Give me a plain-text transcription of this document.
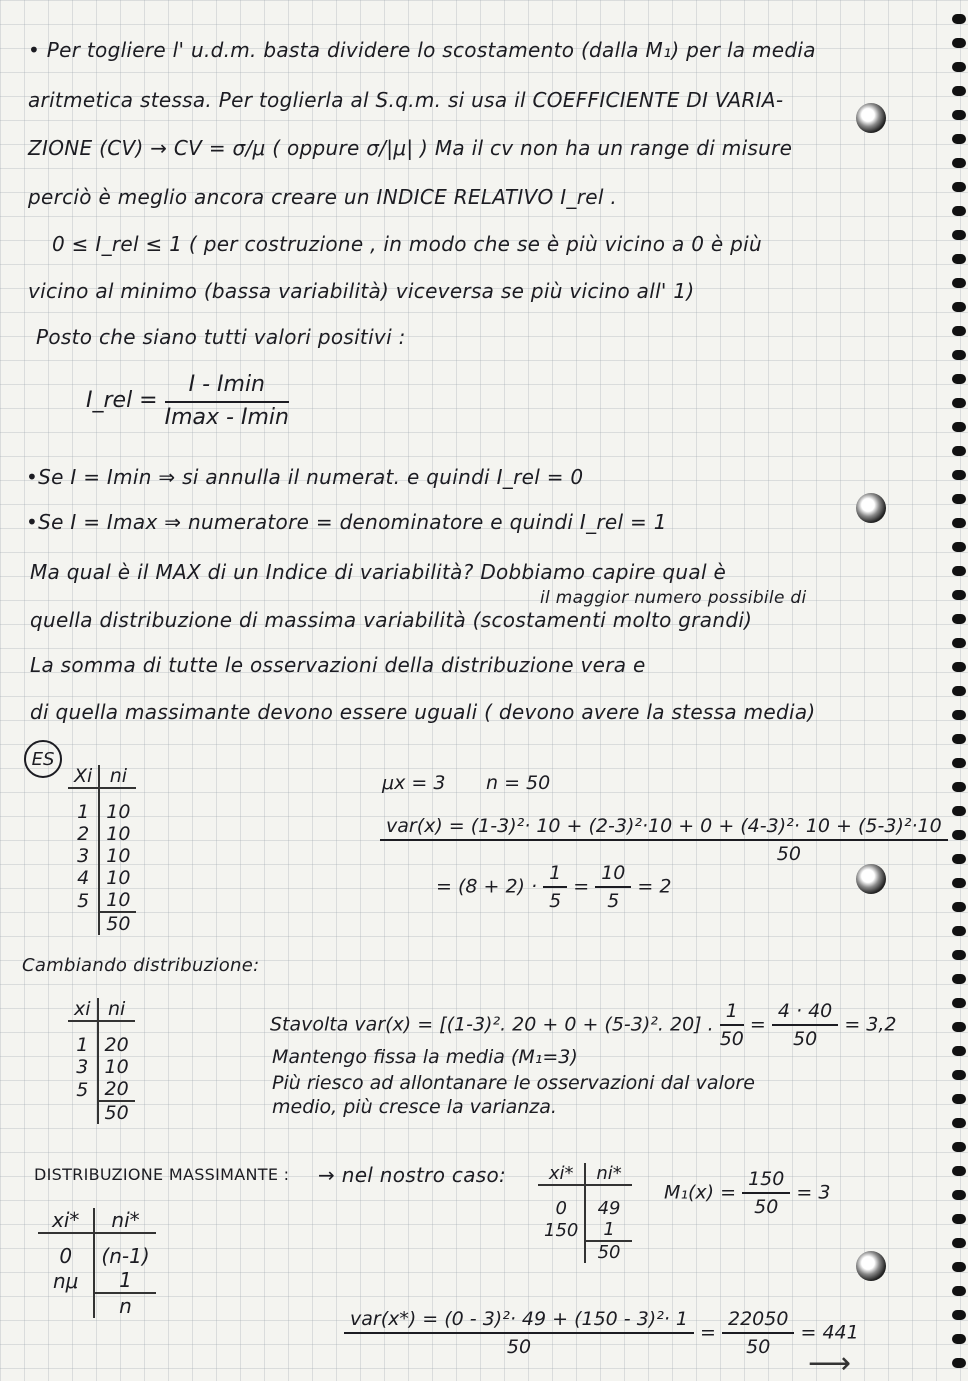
• Per togliere l' u.d.m. basta dividere lo scostamento (dalla M₁) per la media
aritmetica stessa. Per toglierla al S.q.m. si usa il COEFFICIENTE DI VARIA-
ZIONE (CV) → CV = σ/μ ( oppure σ/|μ| ) Ma il cv non ha un range di misure
perciò è meglio ancora creare un INDICE RELATIVO I_rel .
0 ≤ I_rel ≤ 1 ( per costruzione , in modo che se è più vicino a 0 è più
vicino al minimo (bassa variabilità) viceversa se più vicino all' 1)
Posto che siano tutti valori positivi :
I_rel = $\frac{I - Imin}{Imax - Imin}$
•Se I = Imin ⇒ si annulla il numerat. e quindi I_rel = 0
•Se I = Imax ⇒ numeratore = denominatore e quindi I_rel = 1
il maggior numero possibile di
Ma qual è il MAX di un Indice di variabilità? Dobbiamo capire qual è
quella distribuzione di massima variabilità (scostamenti molto grandi)
La somma di tutte le osservazioni della distribuzione vera e
di quella massimante devono essere uguali ( devono avere la stessa media)
ES
Xi	ni

1	10
2	10
3	10
4	10
5	10
	50
μx = 3 n = 50
$\frac{\text{var(x) = (1-3)²· 10 + (2-3)²·10 + 0 + (4-3)²· 10 + (5-3)²·10}}{50}$
= $(8 + 2) \cdot \frac{1}{5} = \frac{10}{5} = 2$
Cambiando distribuzione:
xi	ni

1	20
3	10
5	20
	50
Stavolta var(x) = [(1-3)². 20 + 0 + (5-3)². 20] . $\frac{1}{50} = \frac{4 \cdot 40}{50} = 3,2$
Mantengo fissa la media (M₁=3)
Più riesco ad allontanare le osservazioni dal valore
medio, più cresce la varianza.
DISTRIBUZIONE MASSIMANTE : → nel nostro caso:
xi*	ni*
0	(n-1)
nμ	1
	n
xi*	ni*
0	49
150	1
	50
$M_1(x) = \frac{150}{50} = 3$
$\frac{\text{var(x*) = (0 - 3)²· 49 + (150 - 3)²· 1}}{50} = \frac{22050}{50} = 441$
⟶
